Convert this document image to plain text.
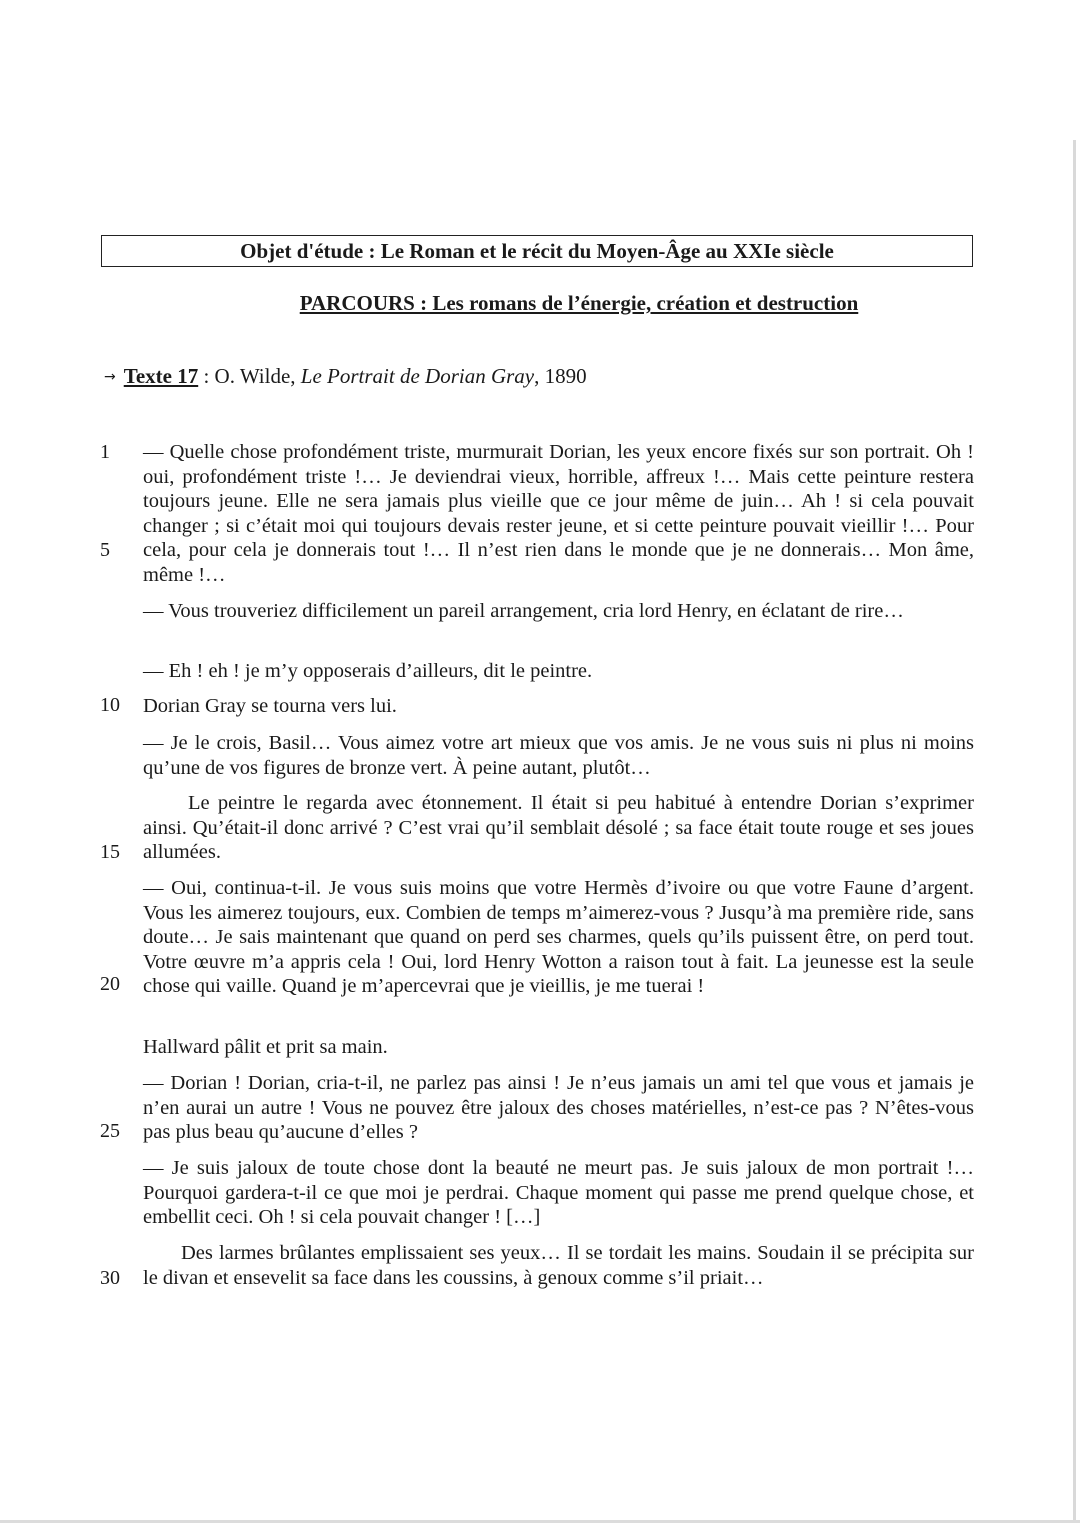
Objet d'étude : Le Roman et le récit du Moyen-Âge au XXIe siècle
PARCOURS : Les romans de l’énergie, création et destruction
→ Texte 17 : O. Wilde, Le Portrait de Dorian Gray, 1890
1
5
10
15
20
25
30

— Quelle chose profondément triste, murmurait Dorian, les yeux encore fixés sur son portrait. Oh ! oui, profondément triste !… Je deviendrai vieux, horrible, affreux !… Mais cette peinture restera toujours jeune. Elle ne sera jamais plus vieille que ce jour même de juin… Ah ! si cela pouvait changer ; si c’était moi qui toujours devais rester jeune, et si cette peinture pouvait vieillir !… Pour cela, pour cela je donnerais tout !… Il n’est rien dans le monde que je ne donnerais… Mon âme, même !…

— Vous trouveriez difficilement un pareil arrangement, cria lord Henry, en éclatant de rire…

— Eh ! eh ! je m’y opposerais d’ailleurs, dit le peintre.

Dorian Gray se tourna vers lui.

— Je le crois, Basil… Vous aimez votre art mieux que vos amis. Je ne vous suis ni plus ni moins qu’une de vos figures de bronze vert. À peine autant, plutôt…

Le peintre le regarda avec étonnement. Il était si peu habitué à entendre Dorian s’exprimer ainsi. Qu’était-il donc arrivé ? C’est vrai qu’il semblait désolé ; sa face était toute rouge et ses joues allumées.

— Oui, continua-t-il. Je vous suis moins que votre Hermès d’ivoire ou que votre Faune d’argent. Vous les aimerez toujours, eux. Combien de temps m’aimerez-vous ? Jusqu’à ma première ride, sans doute… Je sais maintenant que quand on perd ses charmes, quels qu’ils puissent être, on perd tout. Votre œuvre m’a appris cela ! Oui, lord Henry Wotton a raison tout à fait. La jeunesse est la seule chose qui vaille. Quand je m’apercevrai que je vieillis, je me tuerai !

Hallward pâlit et prit sa main.

— Dorian ! Dorian, cria-t-il, ne parlez pas ainsi ! Je n’eus jamais un ami tel que vous et jamais je n’en aurai un autre ! Vous ne pouvez être jaloux des choses matérielles, n’est-ce pas ? N’êtes-vous pas plus beau qu’aucune d’elles ?

— Je suis jaloux de toute chose dont la beauté ne meurt pas. Je suis jaloux de mon portrait !… Pourquoi gardera-t-il ce que moi je perdrai. Chaque moment qui passe me prend quelque chose, et embellit ceci. Oh ! si cela pouvait changer ! […]

Des larmes brûlantes emplissaient ses yeux… Il se tordait les mains. Soudain il se précipita sur le divan et ensevelit sa face dans les coussins, à genoux comme s’il priait…
